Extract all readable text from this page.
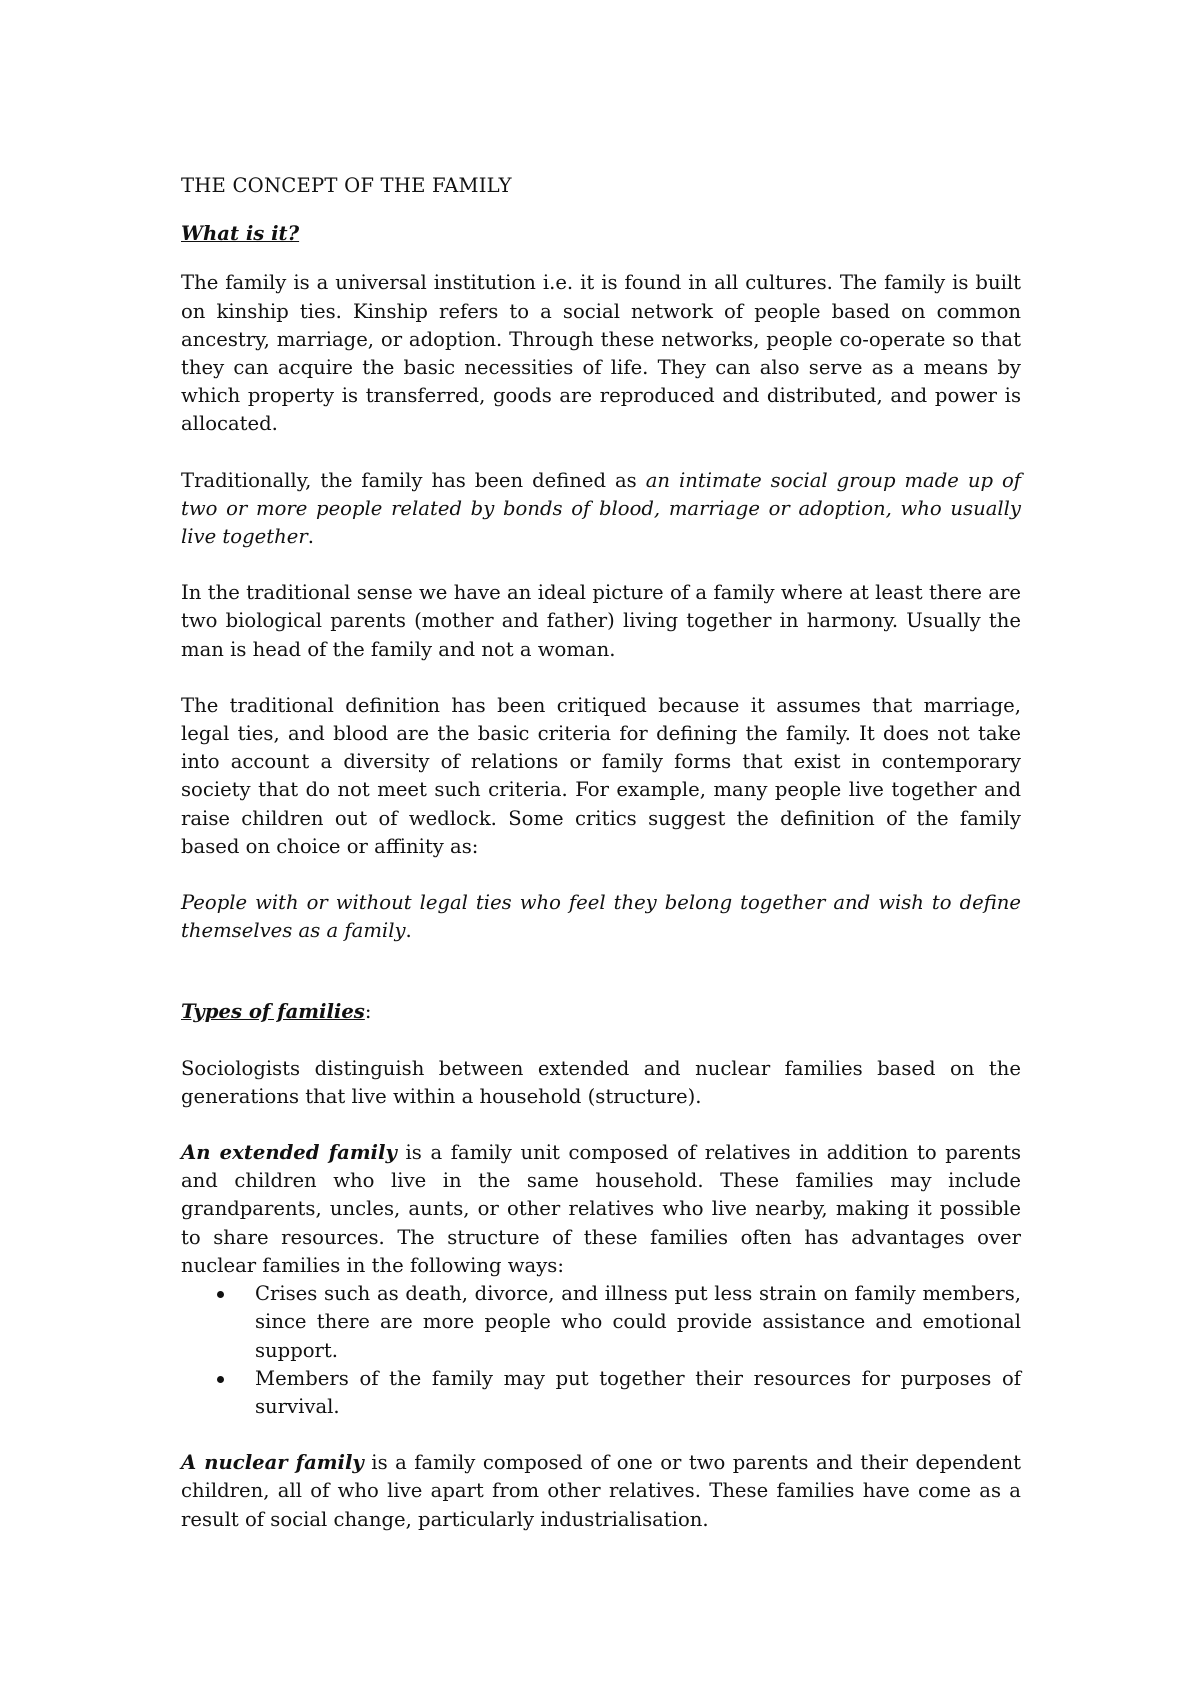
THE CONCEPT OF THE FAMILY
What is it?

The family is a universal institution i.e. it is found in all cultures. The family is built on kinship ties. Kinship refers to a social network of people based on common ancestry, marriage, or adoption. Through these networks, people co-operate so that they can acquire the basic necessities of life. They can also serve as a means by which property is transferred, goods are reproduced and distributed, and power is allocated.

Traditionally, the family has been defined as an intimate social group made up of two or more people related by bonds of blood, marriage or adoption, who usually live together.

In the traditional sense we have an ideal picture of a family where at least there are two biological parents (mother and father) living together in harmony. Usually the man is head of the family and not a woman.

The traditional definition has been critiqued because it assumes that marriage, legal ties, and blood are the basic criteria for defining the family. It does not take into account a diversity of relations or family forms that exist in contemporary society that do not meet such criteria. For example, many people live together and raise children out of wedlock. Some critics suggest the definition of the family based on choice or affinity as:

People with or without legal ties who feel they belong together and wish to define themselves as a family.

Types of families:

Sociologists distinguish between extended and nuclear families based on the generations that live within a household (structure).

An extended family is a family unit composed of relatives in addition to parents and children who live in the same household. These families may include grandparents, uncles, aunts, or other relatives who live nearby, making it possible to share resources. The structure of these families often has advantages over nuclear families in the following ways:

Crises such as death, divorce, and illness put less strain on family members, since there are more people who could provide assistance and emotional support.
Members of the family may put together their resources for purposes of survival.

A nuclear family is a family composed of one or two parents and their dependent children, all of who live apart from other relatives. These families have come as a result of social change, particularly industrialisation.
